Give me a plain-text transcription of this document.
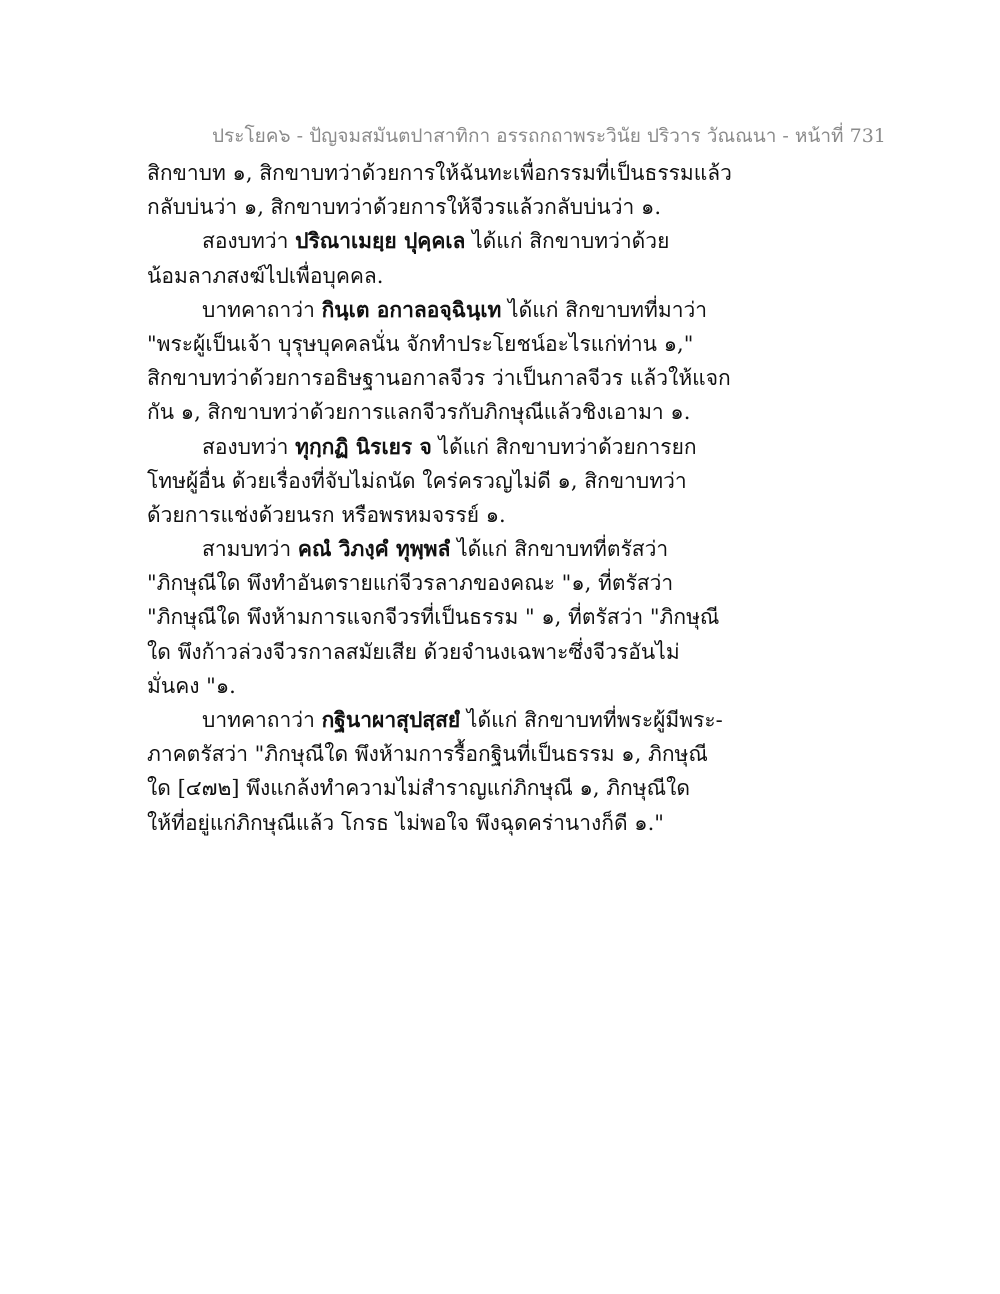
ประโยค๖ - ปัญจมสมันตปาสาทิกา อรรถกถาพระวินัย ปริวาร วัณณนา - หน้าที่ 731
สิกขาบท ๑, สิกขาบทว่าด้วยการให้ฉันทะเพื่อกรรมที่เป็นธรรมแล้ว
กลับบ่นว่า ๑, สิกขาบทว่าด้วยการให้จีวรแล้วกลับบ่นว่า ๑.
สองบทว่า ปริณาเมยฺย ปุคฺคเล ได้แก่ สิกขาบทว่าด้วย
น้อมลาภสงฆ์ไปเพื่อบุคคล.
บาทคาถาว่า กินฺเต อกาลอจฺฉินฺเท ได้แก่ สิกขาบทที่มาว่า
"พระผู้เป็นเจ้า บุรุษบุคคลนั่น จักทำประโยชน์อะไรแก่ท่าน ๑,"
สิกขาบทว่าด้วยการอธิษฐานอกาลจีวร ว่าเป็นกาลจีวร แล้วให้แจก
กัน ๑, สิกขาบทว่าด้วยการแลกจีวรกับภิกษุณีแล้วชิงเอามา ๑.
สองบทว่า ทุกฺกฏิ นิรเยร จ ได้แก่ สิกขาบทว่าด้วยการยก
โทษผู้อื่น ด้วยเรื่องที่จับไม่ถนัด ใคร่ครวญไม่ดี ๑, สิกขาบทว่า
ด้วยการแช่งด้วยนรก หรือพรหมจรรย์ ๑.
สามบทว่า คณํ วิภงฺคํ ทุพฺพลํ ได้แก่ สิกขาบทที่ตรัสว่า
"ภิกษุณีใด พึงทำอันตรายแก่จีวรลาภของคณะ "๑, ที่ตรัสว่า
"ภิกษุณีใด พึงห้ามการแจกจีวรที่เป็นธรรม " ๑, ที่ตรัสว่า "ภิกษุณี
ใด พึงก้าวล่วงจีวรกาลสมัยเสีย ด้วยจำนงเฉพาะซึ่งจีวรอันไม่
มั่นคง "๑.
บาทคาถาว่า กฐินาผาสุปสฺสยํ ได้แก่ สิกขาบทที่พระผู้มีพระ-
ภาคตรัสว่า "ภิกษุณีใด พึงห้ามการรื้อกฐินที่เป็นธรรม ๑, ภิกษุณี
ใด [๔๗๒] พึงแกล้งทำความไม่สำราญแก่ภิกษุณี ๑, ภิกษุณีใด
ให้ที่อยู่แก่ภิกษุณีแล้ว โกรธ ไม่พอใจ พึงฉุดคร่านางก็ดี ๑."
